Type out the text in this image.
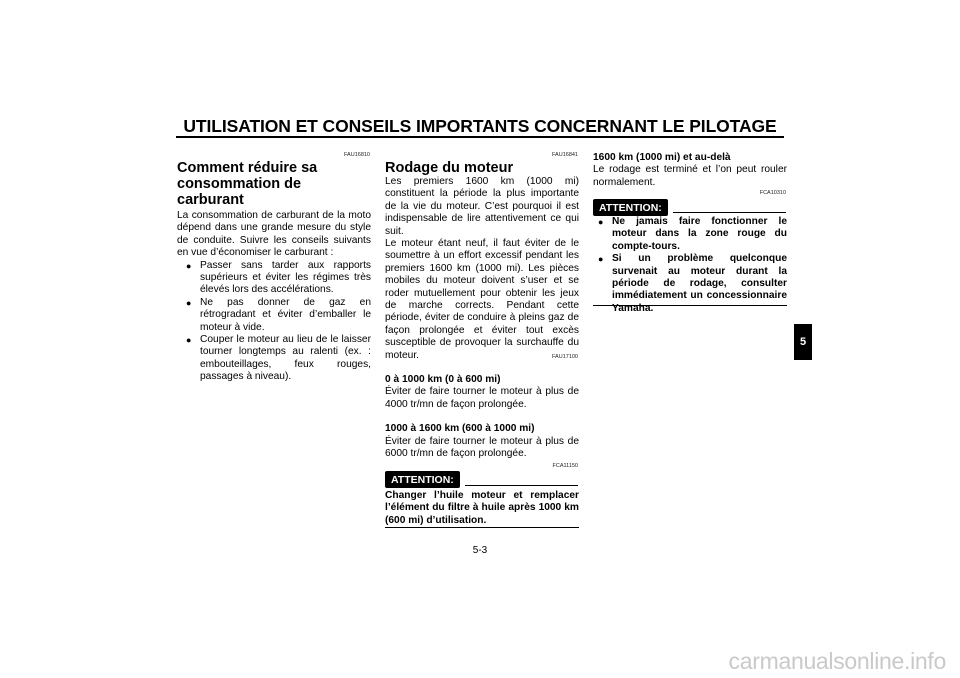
UTILISATION ET CONSEILS IMPORTANTS CONCERNANT LE PILOTAGE
FAU16810
Comment réduire sa
consommation de carburant
La consommation de carburant de la moto dépend dans une grande mesure du style de conduite. Suivre les conseils suivants en vue d’économiser le carburant :
● Passer sans tarder aux rapports supérieurs et éviter les régimes très élevés lors des accélérations.
● Ne pas donner de gaz en rétrogradant et éviter d’emballer le moteur à vide.
● Couper le moteur au lieu de le laisser tourner longtemps au ralenti (ex. : embouteillages, feux rouges, passages à niveau).
FAU16841
Rodage du moteur
Les premiers 1600 km (1000 mi) constituent la période la plus importante de la vie du moteur. C’est pourquoi il est indispensable de lire attentivement ce qui suit.
Le moteur étant neuf, il faut éviter de le soumettre à un effort excessif pendant les premiers 1600 km (1000 mi). Les pièces mobiles du moteur doivent s’user et se roder mutuellement pour obtenir les jeux de marche corrects. Pendant cette période, éviter de conduire à pleins gaz de façon prolongée et éviter tout excès susceptible de provoquer la surchauffe du moteur.	FAU17100
0 à 1000 km (0 à 600 mi)
Éviter de faire tourner le moteur à plus de 4000 tr/mn de façon prolongée.
1000 à 1600 km (600 à 1000 mi)
Éviter de faire tourner le moteur à plus de 6000 tr/mn de façon prolongée.
FCA11150
ATTENTION:
Changer l’huile moteur et remplacer l’élément du filtre à huile après 1000 km (600 mi) d’utilisation.
1600 km (1000 mi) et au-delà
Le rodage est terminé et l’on peut rouler normalement.
FCA10310
ATTENTION:
● Ne jamais faire fonctionner le moteur dans la zone rouge du compte-tours.
● Si un problème quelconque survenait au moteur durant la période de rodage, consulter immédiatement un concessionnaire Yamaha.
5
5-3
carmanualsonline.info
